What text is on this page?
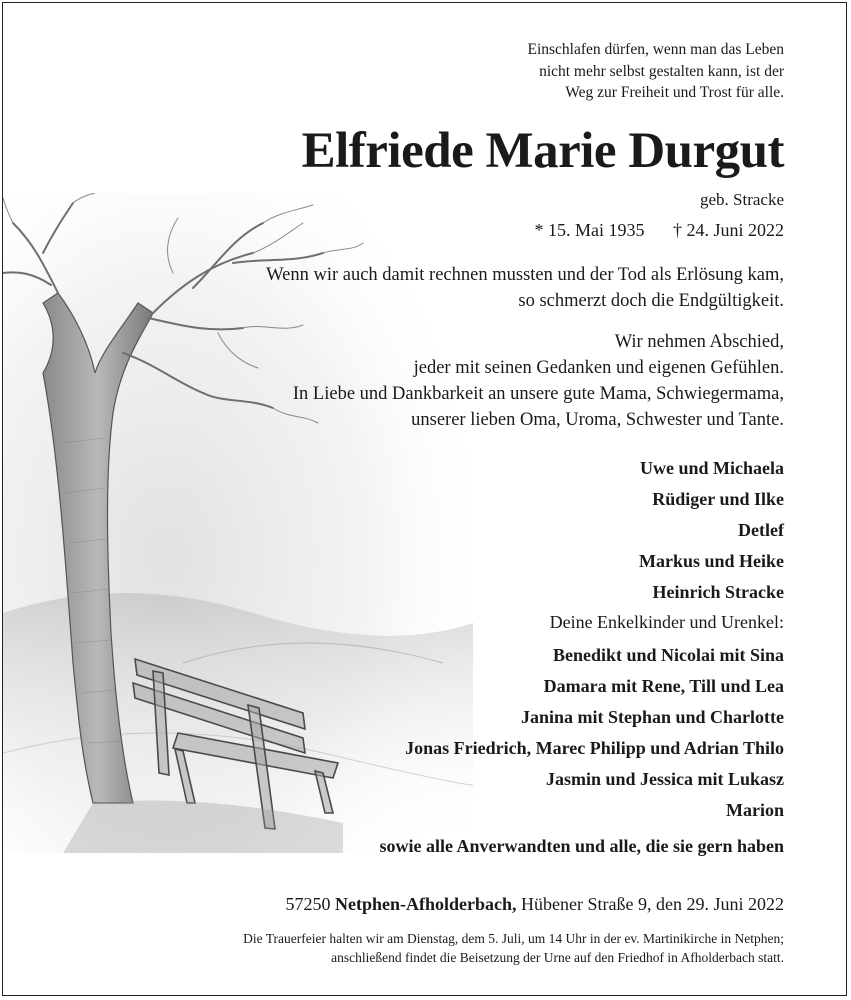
Einschlafen dürfen, wenn man das Leben
nicht mehr selbst gestalten kann, ist der
Weg zur Freiheit und Trost für alle.
Elfriede Marie Durgut
geb. Stracke
* 15. Mai 1935 † 24. Juni 2022
Wenn wir auch damit rechnen mussten und der Tod als Erlösung kam,
so schmerzt doch die Endgültigkeit.
Wir nehmen Abschied,
jeder mit seinen Gedanken und eigenen Gefühlen.
In Liebe und Dankbarkeit an unsere gute Mama, Schwiegermama,
unserer lieben Oma, Uroma, Schwester und Tante.
Uwe und Michaela
Rüdiger und Ilke
Detlef
Markus und Heike
Heinrich Stracke
Deine Enkelkinder und Urenkel:
Benedikt und Nicolai mit Sina
Damara mit Rene, Till und Lea
Janina mit Stephan und Charlotte
Jonas Friedrich, Marec Philipp und Adrian Thilo
Jasmin und Jessica mit Lukasz
Marion
sowie alle Anverwandten und alle, die sie gern haben
57250 Netphen-Afholderbach, Hübener Straße 9, den 29. Juni 2022
Die Trauerfeier halten wir am Dienstag, dem 5. Juli, um 14 Uhr in der ev. Martinikirche in Netphen;
anschließend findet die Beisetzung der Urne auf den Friedhof in Afholderbach statt.
